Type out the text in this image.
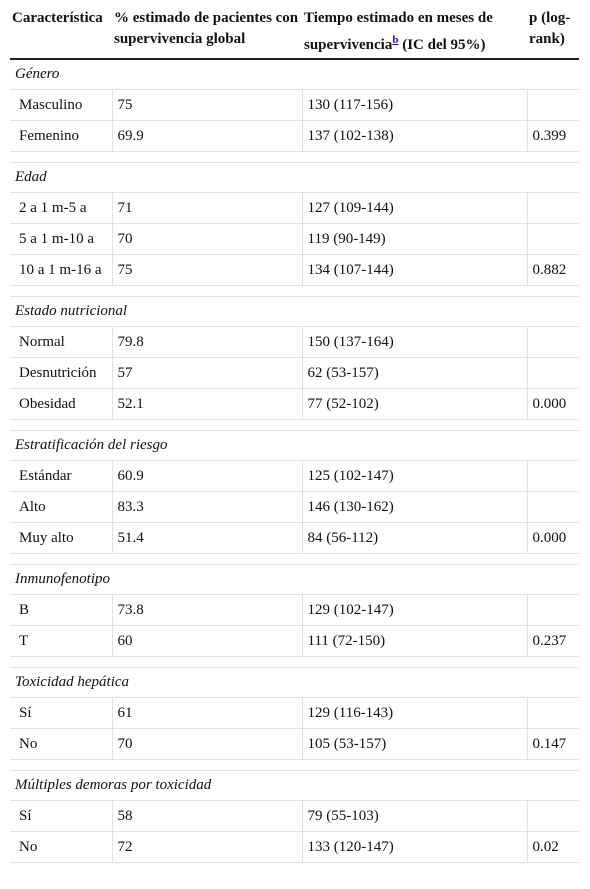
Característica	% estimado de pacientes con supervivencia global	Tiempo estimado en meses de supervivencia$^b$ (IC del 95%)	p (log-rank)

Género			
Masculino	75	130 (117-156)	
Femenino	69.9	137 (102-138)	0.399

Edad			
2 a 1 m-5 a	71	127 (109-144)	
5 a 1 m-10 a	70	119 (90-149)	
10 a 1 m-16 a	75	134 (107-144)	0.882

Estado nutricional			
Normal	79.8	150 (137-164)	
Desnutrición	57	62 (53-157)	
Obesidad	52.1	77 (52-102)	0.000

Estratificación del riesgo			
Estándar	60.9	125 (102-147)	
Alto	83.3	146 (130-162)	
Muy alto	51.4	84 (56-112)	0.000

Inmunofenotipo			
B	73.8	129 (102-147)	
T	60	111 (72-150)	0.237

Toxicidad hepática			
Sí	61	129 (116-143)	
No	70	105 (53-157)	0.147

Múltiples demoras por toxicidad			
Sí	58	79 (55-103)	
No	72	133 (120-147)	0.02
